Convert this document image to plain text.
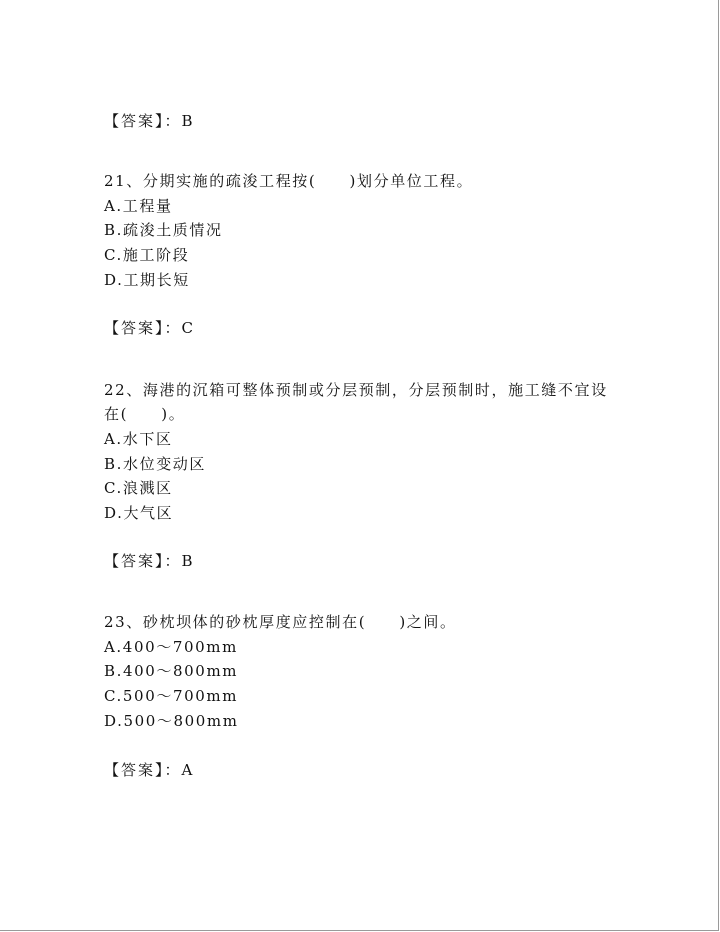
【答案】：B
21、分期实施的疏浚工程按(　　)划分单位工程。
A.工程量
B.疏浚土质情况
C.施工阶段
D.工期长短
【答案】：C
22、海港的沉箱可整体预制或分层预制，分层预制时，施工缝不宜设
在(　　)。
A.水下区
B.水位变动区
C.浪溅区
D.大气区
【答案】：B
23、砂枕坝体的砂枕厚度应控制在(　　)之间。
A.400～700mm
B.400～800mm
C.500～700mm
D.500～800mm
【答案】：A
